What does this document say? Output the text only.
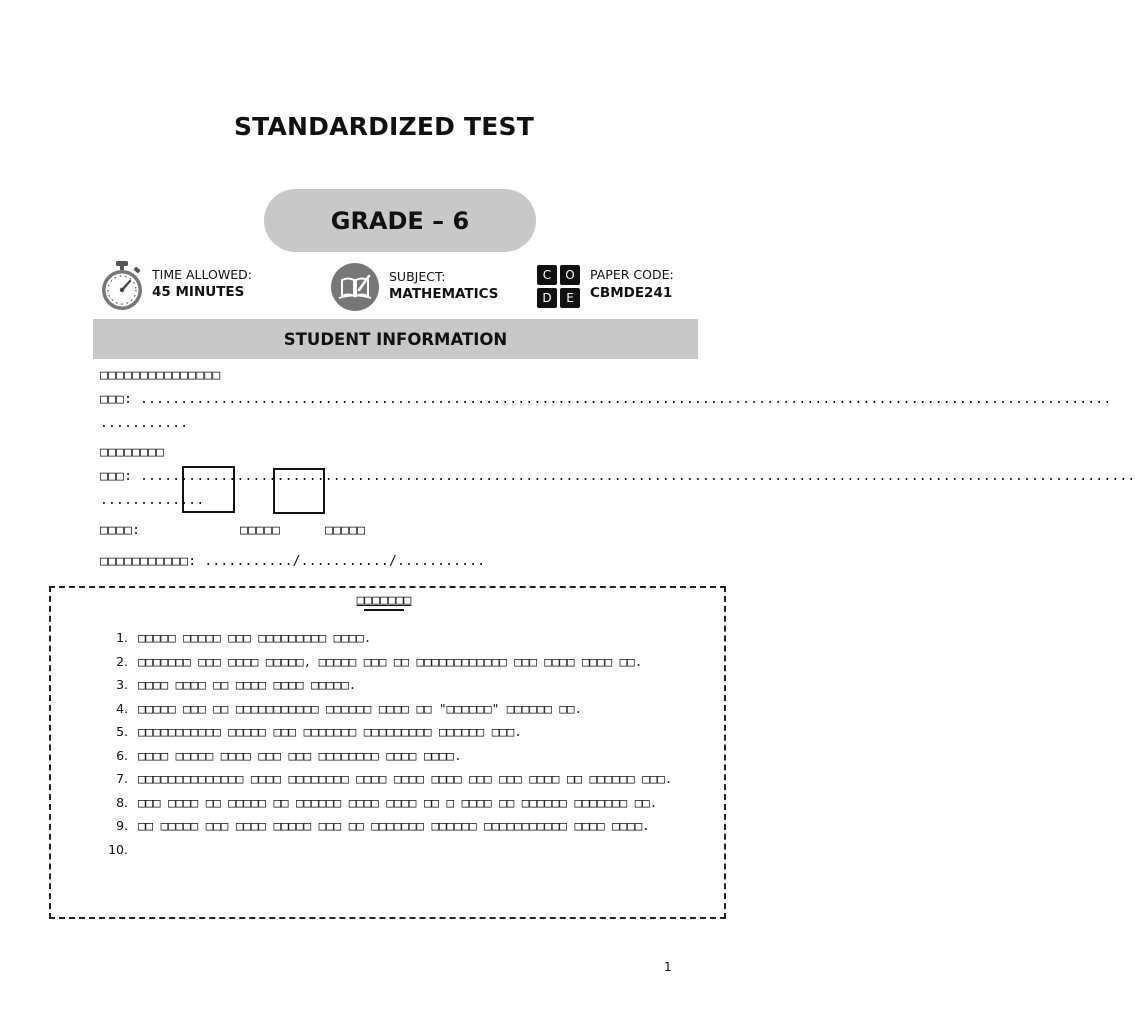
STANDARDIZED TEST
GRADE – 6
TIME ALLOWED:
45 MINUTES
SUBJECT:
MATHEMATICS
C	O
D	E
PAPER CODE:
CBMDE241
STUDENT INFORMATION
□□□□□□□□□□□□□□□
□□□: .........................................................................................................................
...........
□□□□□□□□
□□□: ............................................................................................................................
.............
□□□□:	□□□□□	□□□□□
□□□□□□□□□□□: .........../.........../...........
□□□□□□□
1. □□□□□ □□□□□ □□□ □□□□□□□□□ □□□□.
2. □□□□□□□ □□□ □□□□ □□□□□, □□□□□ □□□ □□ □□□□□□□□□□□□ □□□ □□□□ □□□□ □□.
3. □□□□ □□□□ □□ □□□□ □□□□ □□□□□.
4. □□□□□ □□□ □□ □□□□□□□□□□□ □□□□□□ □□□□ □□ "□□□□□□" □□□□□□ □□.
5. □□□□□□□□□□□ □□□□□ □□□ □□□□□□□ □□□□□□□□□ □□□□□□ □□□.
6. □□□□ □□□□□ □□□□ □□□ □□□ □□□□□□□□ □□□□ □□□□.
7. □□□□□□□□□□□□□□ □□□□ □□□□□□□□ □□□□ □□□□ □□□□ □□□ □□□ □□□□ □□ □□□□□□ □□□.
8. □□□ □□□□ □□ □□□□□ □□ □□□□□□ □□□□ □□□□ □□ □ □□□□ □□ □□□□□□ □□□□□□□ □□.
9. □□ □□□□□ □□□ □□□□ □□□□□ □□□ □□ □□□□□□□ □□□□□□ □□□□□□□□□□□ □□□□ □□□□.
10.
1
